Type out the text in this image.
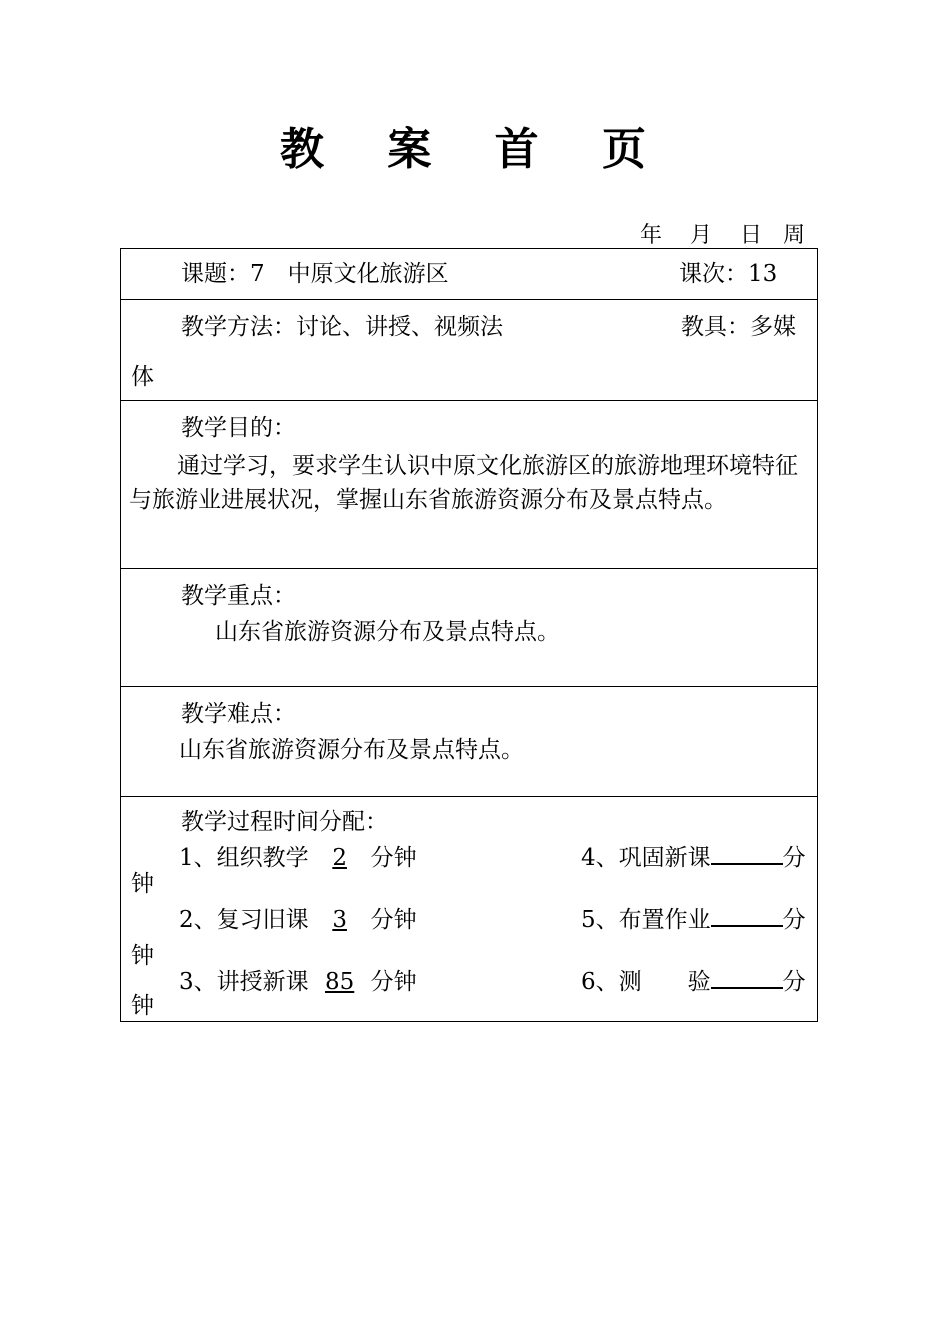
教 案 首 页
年 月 日 周
课题：7　中原文化旅游区	课次：13
教学方法：讨论、讲授、视频法	教具：多媒
体
教学目的：
通过学习，要求学生认识中原文化旅游区的旅游地理环境特征与旅游业进展状况，掌握山东省旅游资源分布及景点特点。
教学重点：
山东省旅游资源分布及景点特点。
教学难点：
山东省旅游资源分布及景点特点。
教学过程时间分配：
1、组织教学 2 分钟	4、巩固新课	分
钟
2、复习旧课 3 分钟	5、布置作业	分
钟
3、讲授新课 85 分钟	6、测　　验	分
钟
